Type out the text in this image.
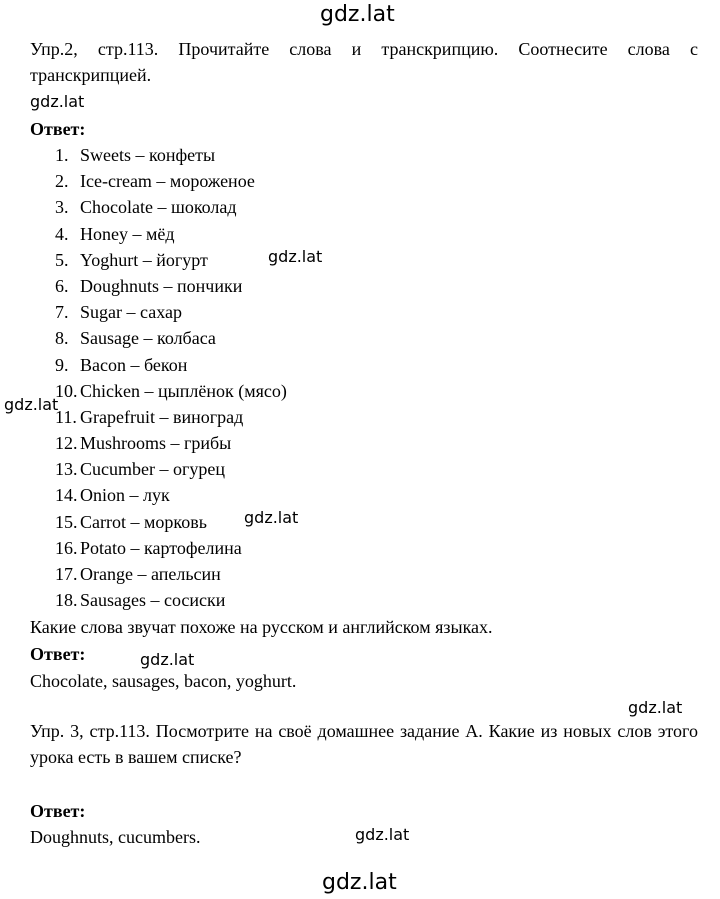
gdz.lat
gdz.lat
gdz.lat
gdz.lat
gdz.lat
gdz.lat
gdz.lat
gdz.lat
gdz.lat
Упр.2, стр.113. Прочитайте слова и транскрипцию. Соотнесите слова с транскрипцией.
Ответ:
1. Sweets – конфеты
2. Ice-cream – мороженое
3. Chocolate – шоколад
4. Honey – мёд
5. Yoghurt – йогурт
6. Doughnuts – пончики
7. Sugar – сахар
8. Sausage – колбаса
9. Bacon – бекон
10. Chicken – цыплёнок (мясо)
11. Grapefruit – виноград
12. Mushrooms – грибы
13. Cucumber – огурец
14. Onion – лук
15. Carrot – морковь
16. Potato – картофелина
17. Orange – апельсин
18. Sausages – сосиски
Какие слова звучат похоже на русском и английском языках.
Ответ:
Chocolate, sausages, bacon, yoghurt.
Упр. 3, стр.113. Посмотрите на своё домашнее задание А. Какие из новых слов этого урока есть в вашем списке?
Ответ:
Doughnuts, cucumbers.
